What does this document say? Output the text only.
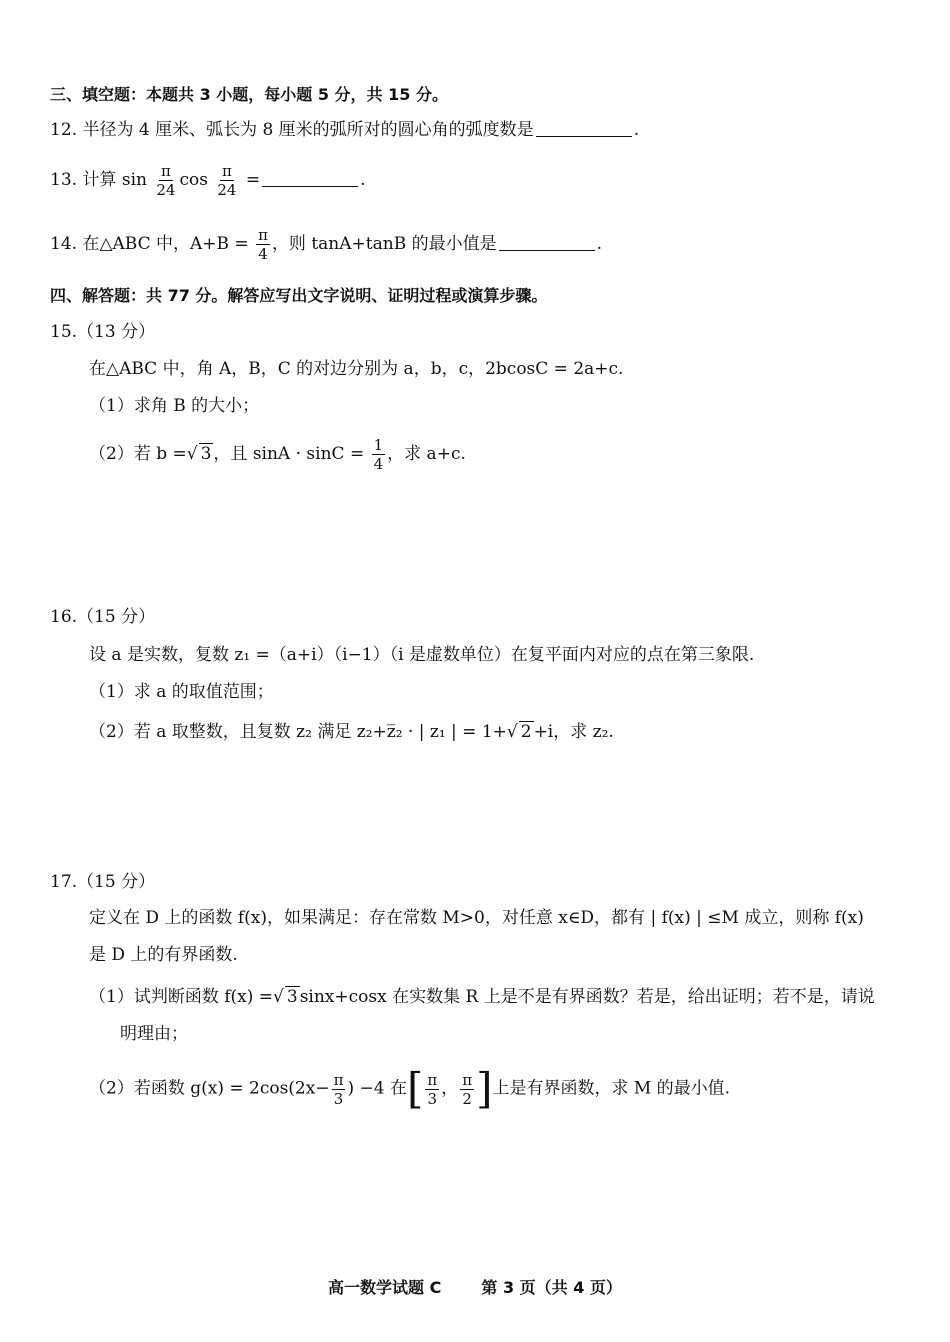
三、填空题：本题共 3 小题，每小题 5 分，共 15 分。
12. 半径为 4 厘米、弧长为 8 厘米的弧所对的圆心角的弧度数是	.
13. 计算 $\sin \frac{\pi}{24}$ $\cos \frac{\pi}{24}$ =	.
14. 在△ABC 中，$A+B = \frac{\pi}{4}$ ，则 tanA+tanB 的最小值是	.
四、解答题：共 77 分。解答应写出文字说明、证明过程或演算步骤。
15.（13 分）
在△ABC 中，角 A，B，C 的对边分别为 a，b，c，2bcosC = 2a+c.
（1）求角 B 的大小；
（2）若 b =√ 3 ，且 $\sin A \cdot \sin C = \frac{1}{4}$ ，求 a+c.
16.（15 分）
设 a 是实数，复数 z₁ =（a+i）（i−1）（i 是虚数单位）在复平面内对应的点在第三象限.
（1）求 a 的取值范围；
（2）若 a 取整数，且复数 z₂ 满足 z₂+z̅₂ · | z₁ | = 1+√ 2 +i，求 z₂.
17.（15 分）
定义在 D 上的函数 f(x)，如果满足：存在常数 M>0，对任意 x∈D，都有 | f(x) | ≤M 成立，则称 f(x)
是 D 上的有界函数.
（1）试判断函数 f(x) =√ 3 sinx+cosx 在实数集 R 上是不是有界函数？若是，给出证明；若不是，请说
明理由；
（2）若函数 $g(x) = 2\cos(2x- \frac{\pi}{3}$ ) −4 在[ $\frac{\pi}{3}$ ， $\frac{\pi}{2}$ ]上是有界函数，求 M 的最小值.
高一数学试题 C	第 3 页（共 4 页）
